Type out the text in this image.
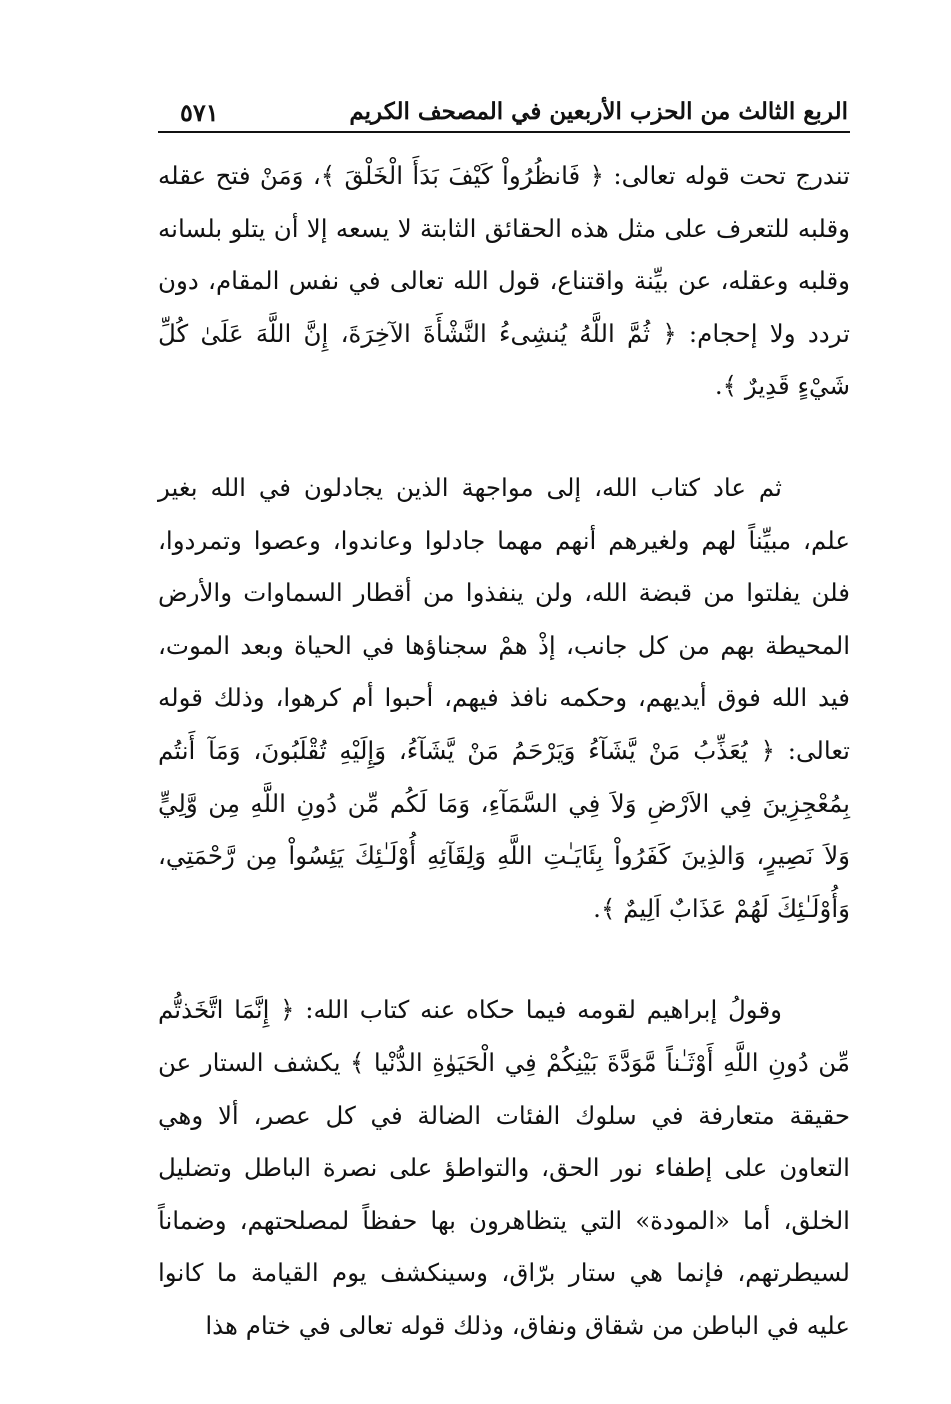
الربع الثالث من الحزب الأربعين في المصحف الكريم
٥٧١

تندرج تحت قوله تعالى: ﴿ فَانظُرُواْ كَيْفَ بَدَأَ الْخَلْقَ ﴾، وَمَنْ فتح عقله وقلبه للتعرف على مثل هذه الحقائق الثابتة لا يسعه إلا أن يتلو بلسانه وقلبه وعقله، عن بيِّنة واقتناع، قول الله تعالى في نفس المقام، دون تردد ولا إحجام: ﴿ ثُمَّ اللَّهُ يُنشِىءُ النَّشْأَةَ الآخِرَةَ، إِنَّ اللَّهَ عَلَىٰ كُلِّ شَيْءٍ قَدِيرٌ ﴾.

ثم عاد كتاب الله، إلى مواجهة الذين يجادلون في الله بغير علم، مبيِّناً لهم ولغيرهم أنهم مهما جادلوا وعاندوا، وعصوا وتمردوا، فلن يفلتوا من قبضة الله، ولن ينفذوا من أقطار السماوات والأرض المحيطة بهم من كل جانب، إذْ همْ سجناؤها في الحياة وبعد الموت، فيد الله فوق أيديهم، وحكمه نافذ فيهم، أحبوا أم كرهوا، وذلك قوله تعالى: ﴿ يُعَذِّبُ مَنْ يَّشَآءُ وَيَرْحَمُ مَنْ يَّشَآءُ، وَإِلَيْهِ تُقْلَبُونَ، وَمَآ أَنتُم بِمُعْجِزِينَ فِي الاَرْضِ وَلاَ فِي السَّمَآءِ، وَمَا لَكُم مِّن دُونِ اللَّهِ مِن وَّلِيٍّ وَلاَ نَصِيرٍ، وَالذِينَ كَفَرُواْ بِئَايَـٰتِ اللَّهِ وَلِقَآئِهِ أُوْلَـٰئِكَ يَئِسُواْ مِن رَّحْمَتِي، وَأُوْلَـٰئِكَ لَهُمْ عَذَابٌ اَلِيمٌ ﴾.

وقولُ إبراهيم لقومه فيما حكاه عنه كتاب الله: ﴿ إِنَّمَا اتَّخَذتُّم مِّن دُونِ اللَّهِ أَوْثَـٰناً مَّوَدَّةَ بَيْنِكُمْ فِي الْحَيَوٰةِ الدُّنْيا ﴾ يكشف الستار عن حقيقة متعارفة في سلوك الفئات الضالة في كل عصر، ألا وهي التعاون على إطفاء نور الحق، والتواطؤ على نصرة الباطل وتضليل الخلق، أما «المودة» التي يتظاهرون بها حفظاً لمصلحتهم، وضماناً لسيطرتهم، فإنما هي ستار برّاق، وسينكشف يوم القيامة ما كانوا عليه في الباطن من شقاق ونفاق، وذلك قوله تعالى في ختام هذا
